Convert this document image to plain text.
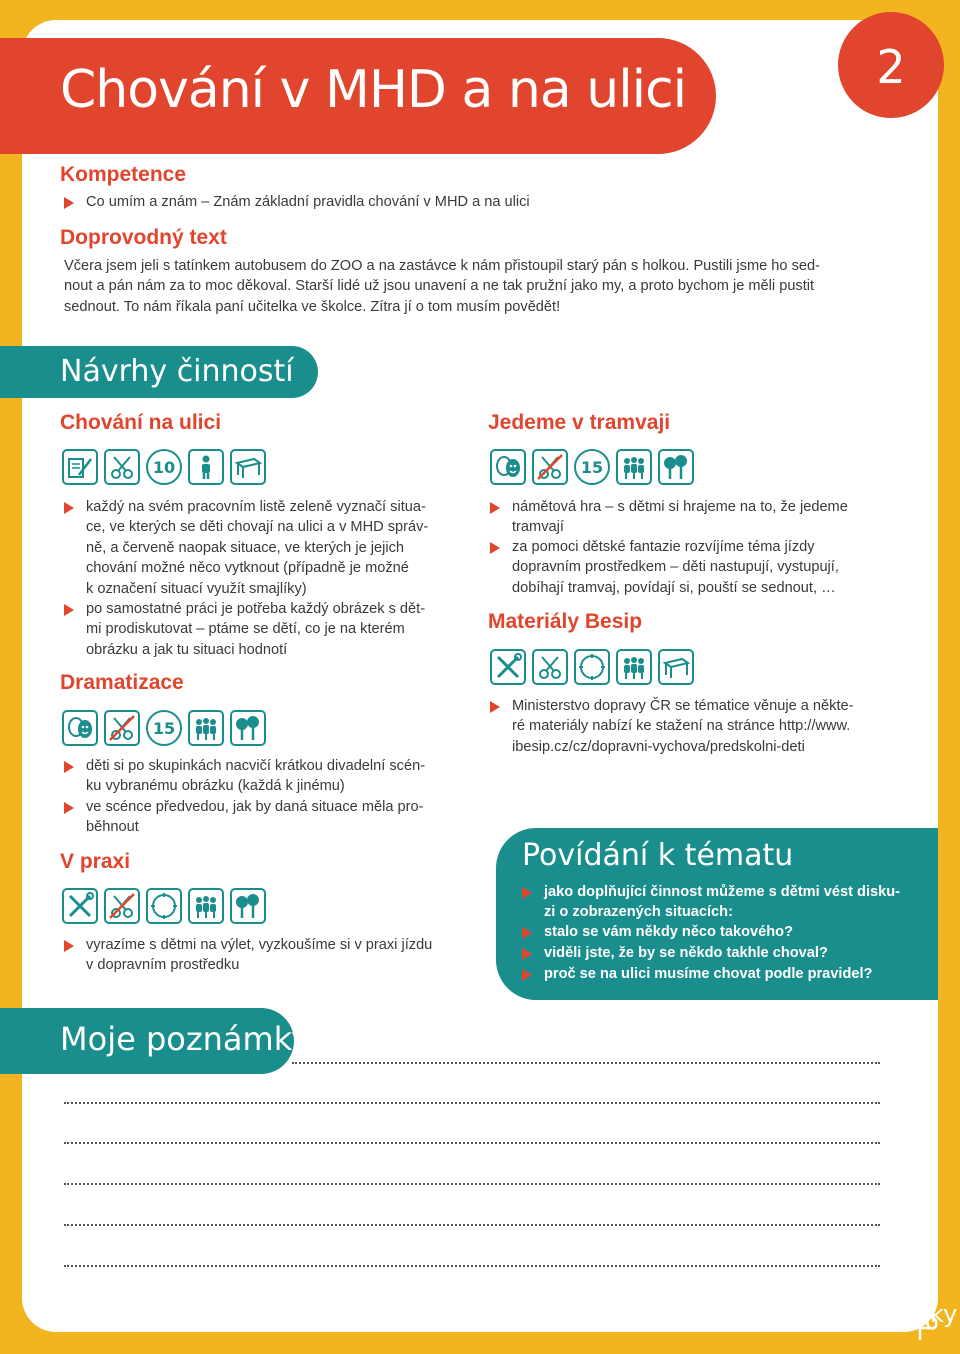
Chování v MHD a na ulici	2
Kompetence
Co umím a znám – Znám základní pravidla chování v MHD a na ulici
Doprovodný text
Včera jsem jeli s tatínkem autobusem do ZOO a na zastávce k nám přistoupil starý pán s holkou. Pustili jsme ho sed-
nout a pán nám za to moc děkoval. Starší lidé už jsou unavení a ne tak pružní jako my, a proto bychom je měli pustit
sednout. To nám říkala paní učitelka ve školce. Zítra jí o tom musím povědět!
Návrhy činností
Chování na ulici
10
každý na svém pracovním listě zeleně vyznačí situa-
ce, ve kterých se děti chovají na ulici a v MHD správ-
ně, a červeně naopak situace, ve kterých je jejich
chování možné něco vytknout (případně je možné
k označení situací využít smajlíky)
po samostatné práci je potřeba každý obrázek s dět-
mi prodiskutovat – ptáme se dětí, co je na kterém
obrázku a jak tu situaci hodnotí
Dramatizace
15
děti si po skupinkách nacvičí krátkou divadelní scén-
ku vybranému obrázku (každá k jinému)
ve scénce předvedou, jak by daná situace měla pro-
běhnout
V praxi
vyrazíme s dětmi na výlet, vyzkoušíme si v praxi jízdu
v dopravním prostředku
Jedeme v tramvaji
15
námětová hra – s dětmi si hrajeme na to, že jedeme
tramvají
za pomoci dětské fantazie rozvíjíme téma jízdy
dopravním prostředkem – děti nastupují, vystupují,
dobíhají tramvaj, povídají si, pouští se sednout, …
Materiály Besip
Ministerstvo dopravy ČR se tématice věnuje a někte-
ré materiály nabízí ke stažení na stránce http://www.
ibesip.cz/cz/dopravni-vychova/predskolni-deti
Povídání k tématu
jako doplňující činnost můžeme s dětmi vést disku-
zi o zobrazených situacích:
stalo se vám někdy něco takového?
viděli jste, že by se někdo takhle choval?
proč se na ulici musíme chovat podle pravidel?
Moje poznámky:
Pracovní listy pro benjamínky
